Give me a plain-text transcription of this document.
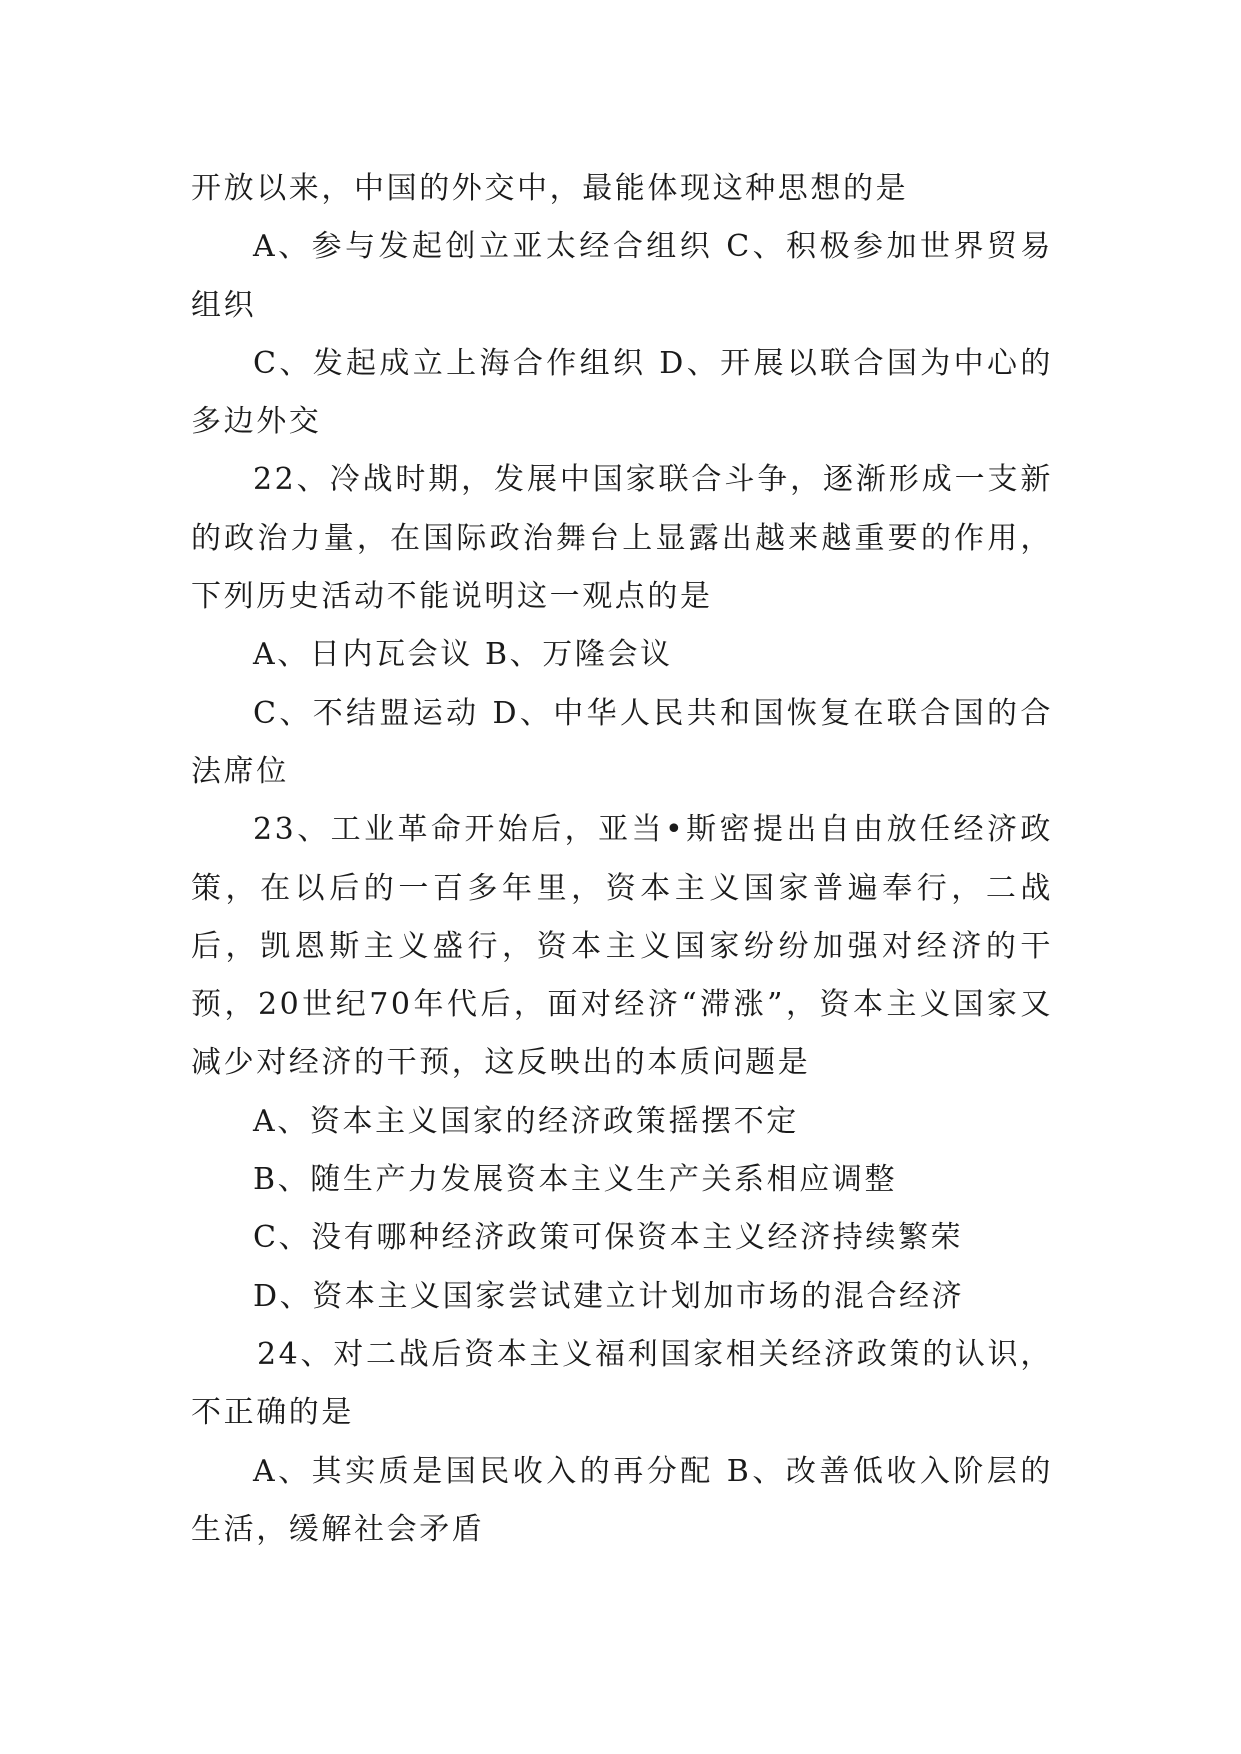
开放以来，中国的外交中，最能体现这种思想的是

A、参与发起创立亚太经合组织 C、积极参加世界贸易组织

C、发起成立上海合作组织 D、开展以联合国为中心的多边外交

22、冷战时期，发展中国家联合斗争，逐渐形成一支新的政治力量，在国际政治舞台上显露出越来越重要的作用，下列历史活动不能说明这一观点的是

A、日内瓦会议 B、万隆会议

C、不结盟运动 D、中华人民共和国恢复在联合国的合法席位

23、工业革命开始后，亚当•斯密提出自由放任经济政策，在以后的一百多年里，资本主义国家普遍奉行，二战后，凯恩斯主义盛行，资本主义国家纷纷加强对经济的干预，20世纪70年代后，面对经济“滞涨”，资本主义国家又减少对经济的干预，这反映出的本质问题是

A、资本主义国家的经济政策摇摆不定

B、随生产力发展资本主义生产关系相应调整

C、没有哪种经济政策可保资本主义经济持续繁荣

D、资本主义国家尝试建立计划加市场的混合经济

24、对二战后资本主义福利国家相关经济政策的认识，不正确的是

A、其实质是国民收入的再分配 B、改善低收入阶层的生活，缓解社会矛盾
